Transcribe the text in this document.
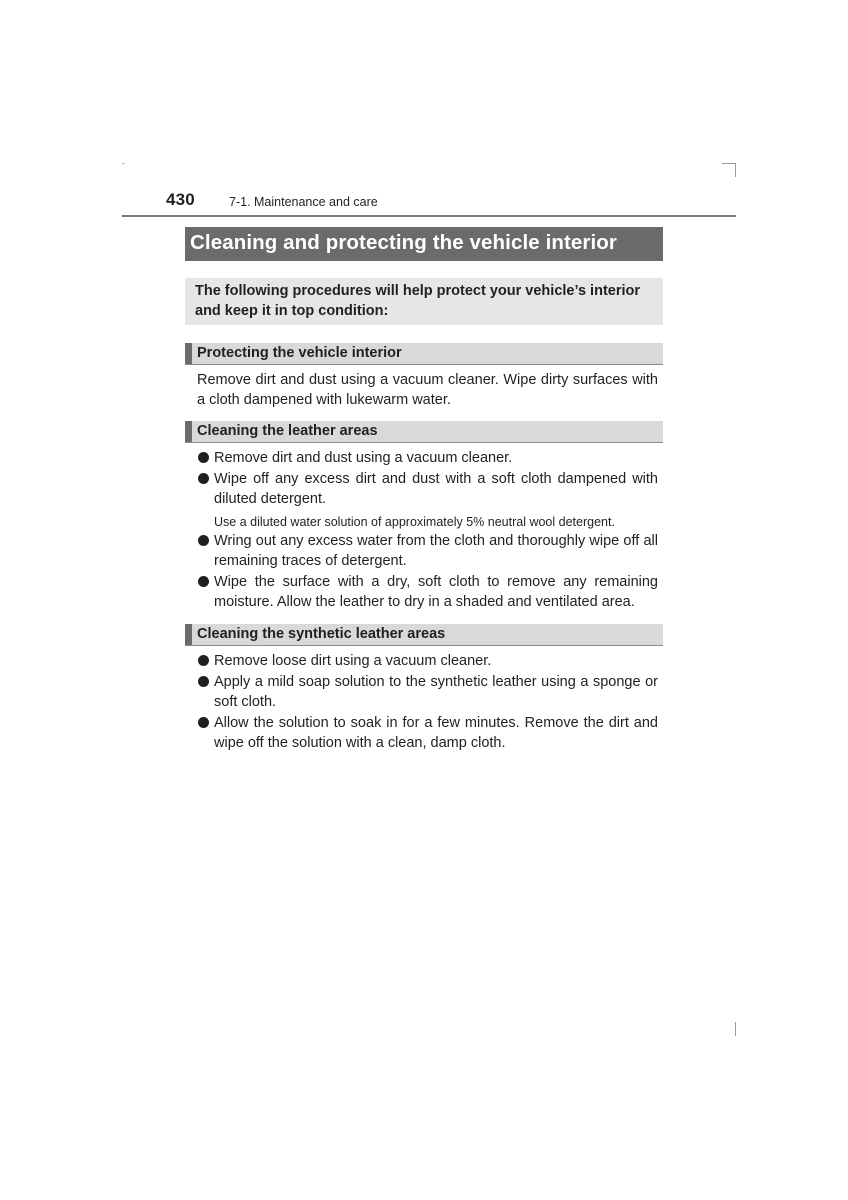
430	7-1. Maintenance and care
Cleaning and protecting the vehicle interior
The following procedures will help protect your vehicle’s interior and keep it in top condition:
Protecting the vehicle interior
Remove dirt and dust using a vacuum cleaner. Wipe dirty surfaces with a cloth dampened with lukewarm water.
Cleaning the leather areas
Remove dirt and dust using a vacuum cleaner.
Wipe off any excess dirt and dust with a soft cloth dampened with diluted detergent.
Use a diluted water solution of approximately 5% neutral wool detergent.
Wring out any excess water from the cloth and thoroughly wipe off all remaining traces of detergent.
Wipe the surface with a dry, soft cloth to remove any remaining moisture. Allow the leather to dry in a shaded and ventilated area.
Cleaning the synthetic leather areas
Remove loose dirt using a vacuum cleaner.
Apply a mild soap solution to the synthetic leather using a sponge or soft cloth.
Allow the solution to soak in for a few minutes. Remove the dirt and wipe off the solution with a clean, damp cloth.
